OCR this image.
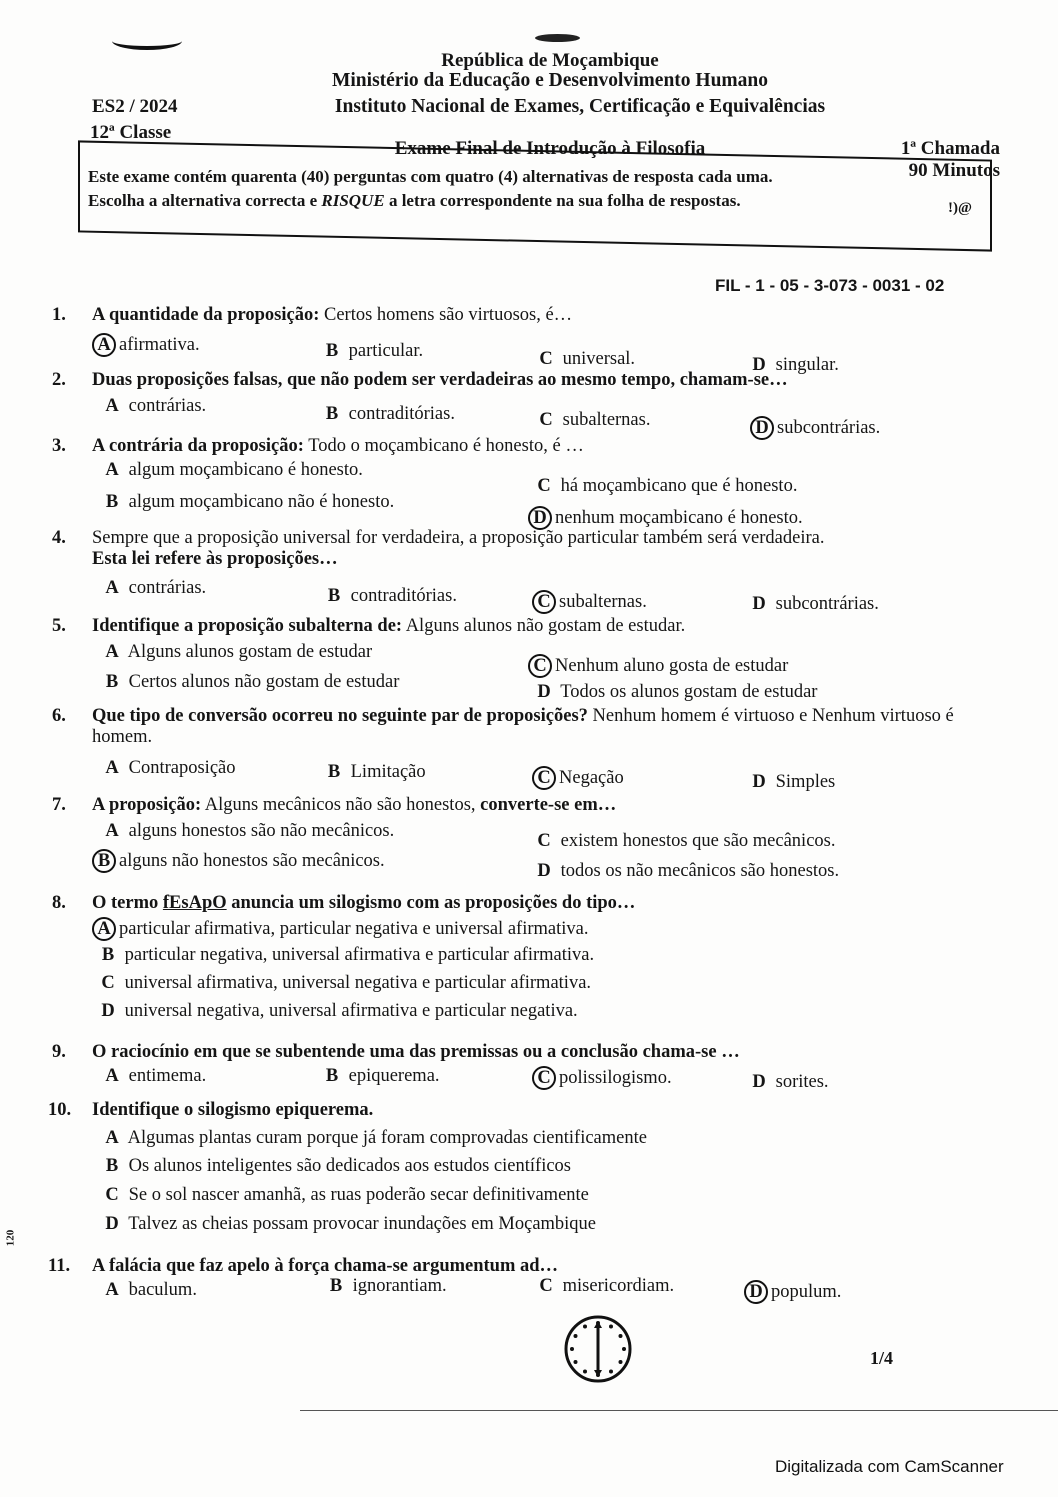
República de Moçambique
Ministério da Educação e Desenvolvimento Humano
Instituto Nacional de Exames, Certificação e Equivalências
Exame Final de Introdução à Filosofia
ES2 / 2024
12ª Classe
1ª Chamada
90 Minutos
Este exame contém quarenta (40) perguntas com quatro (4) alternativas de resposta cada uma.
Escolha a alternativa correcta e RISQUE a letra correspondente na sua folha de respostas.	!)@
FIL - 1 - 05 - 3-073 - 0031 - 02
1. A quantidade da proposição: Certos homens são virtuosos, é…
A afirmativa.	B particular.	C universal.	D singular.
2. Duas proposições falsas, que não podem ser verdadeiras ao mesmo tempo, chamam-se…
A contrárias.	B contraditórias.	C subalternas.	D subcontrárias.
3. A contrária da proposição: Todo o moçambicano é honesto, é …
A algum moçambicano é honesto.
B algum moçambicano não é honesto.
C há moçambicano que é honesto.
D nenhum moçambicano é honesto.
4. Sempre que a proposição universal for verdadeira, a proposição particular também será verdadeira.
Esta lei refere às proposições…
A contrárias.	B contraditórias.	C subalternas.	D subcontrárias.
5. Identifique a proposição subalterna de: Alguns alunos não gostam de estudar.
A Alguns alunos gostam de estudar
B Certos alunos não gostam de estudar
C Nenhum aluno gosta de estudar
D Todos os alunos gostam de estudar
6. Que tipo de conversão ocorreu no seguinte par de proposições? Nenhum homem é virtuoso e Nenhum virtuoso é homem.
A Contraposição	B Limitação	C Negação	D Simples
7. A proposição: Alguns mecânicos não são honestos, converte-se em…
A alguns honestos são não mecânicos.
B alguns não honestos são mecânicos.
C existem honestos que são mecânicos.
D todos os não mecânicos são honestos.
8. O termo fEsApO anuncia um silogismo com as proposições do tipo…
A particular afirmativa, particular negativa e universal afirmativa.
B particular negativa, universal afirmativa e particular afirmativa.
C universal afirmativa, universal negativa e particular afirmativa.
D universal negativa, universal afirmativa e particular negativa.
9. O raciocínio em que se subentende uma das premissas ou a conclusão chama-se …
A entimema.	B epiquerema.	C polissilogismo.	D sorites.
10. Identifique o silogismo epiquerema.
A Algumas plantas curam porque já foram comprovadas cientificamente
B Os alunos inteligentes são dedicados aos estudos científicos
C Se o sol nascer amanhã, as ruas poderão secar definitivamente
D Talvez as cheias possam provocar inundações em Moçambique
11. A falácia que faz apelo à força chama-se argumentum ad…
A baculum.	B ignorantiam.	C misericordiam.	D populum.
120
1/4
Digitalizada com CamScanner
